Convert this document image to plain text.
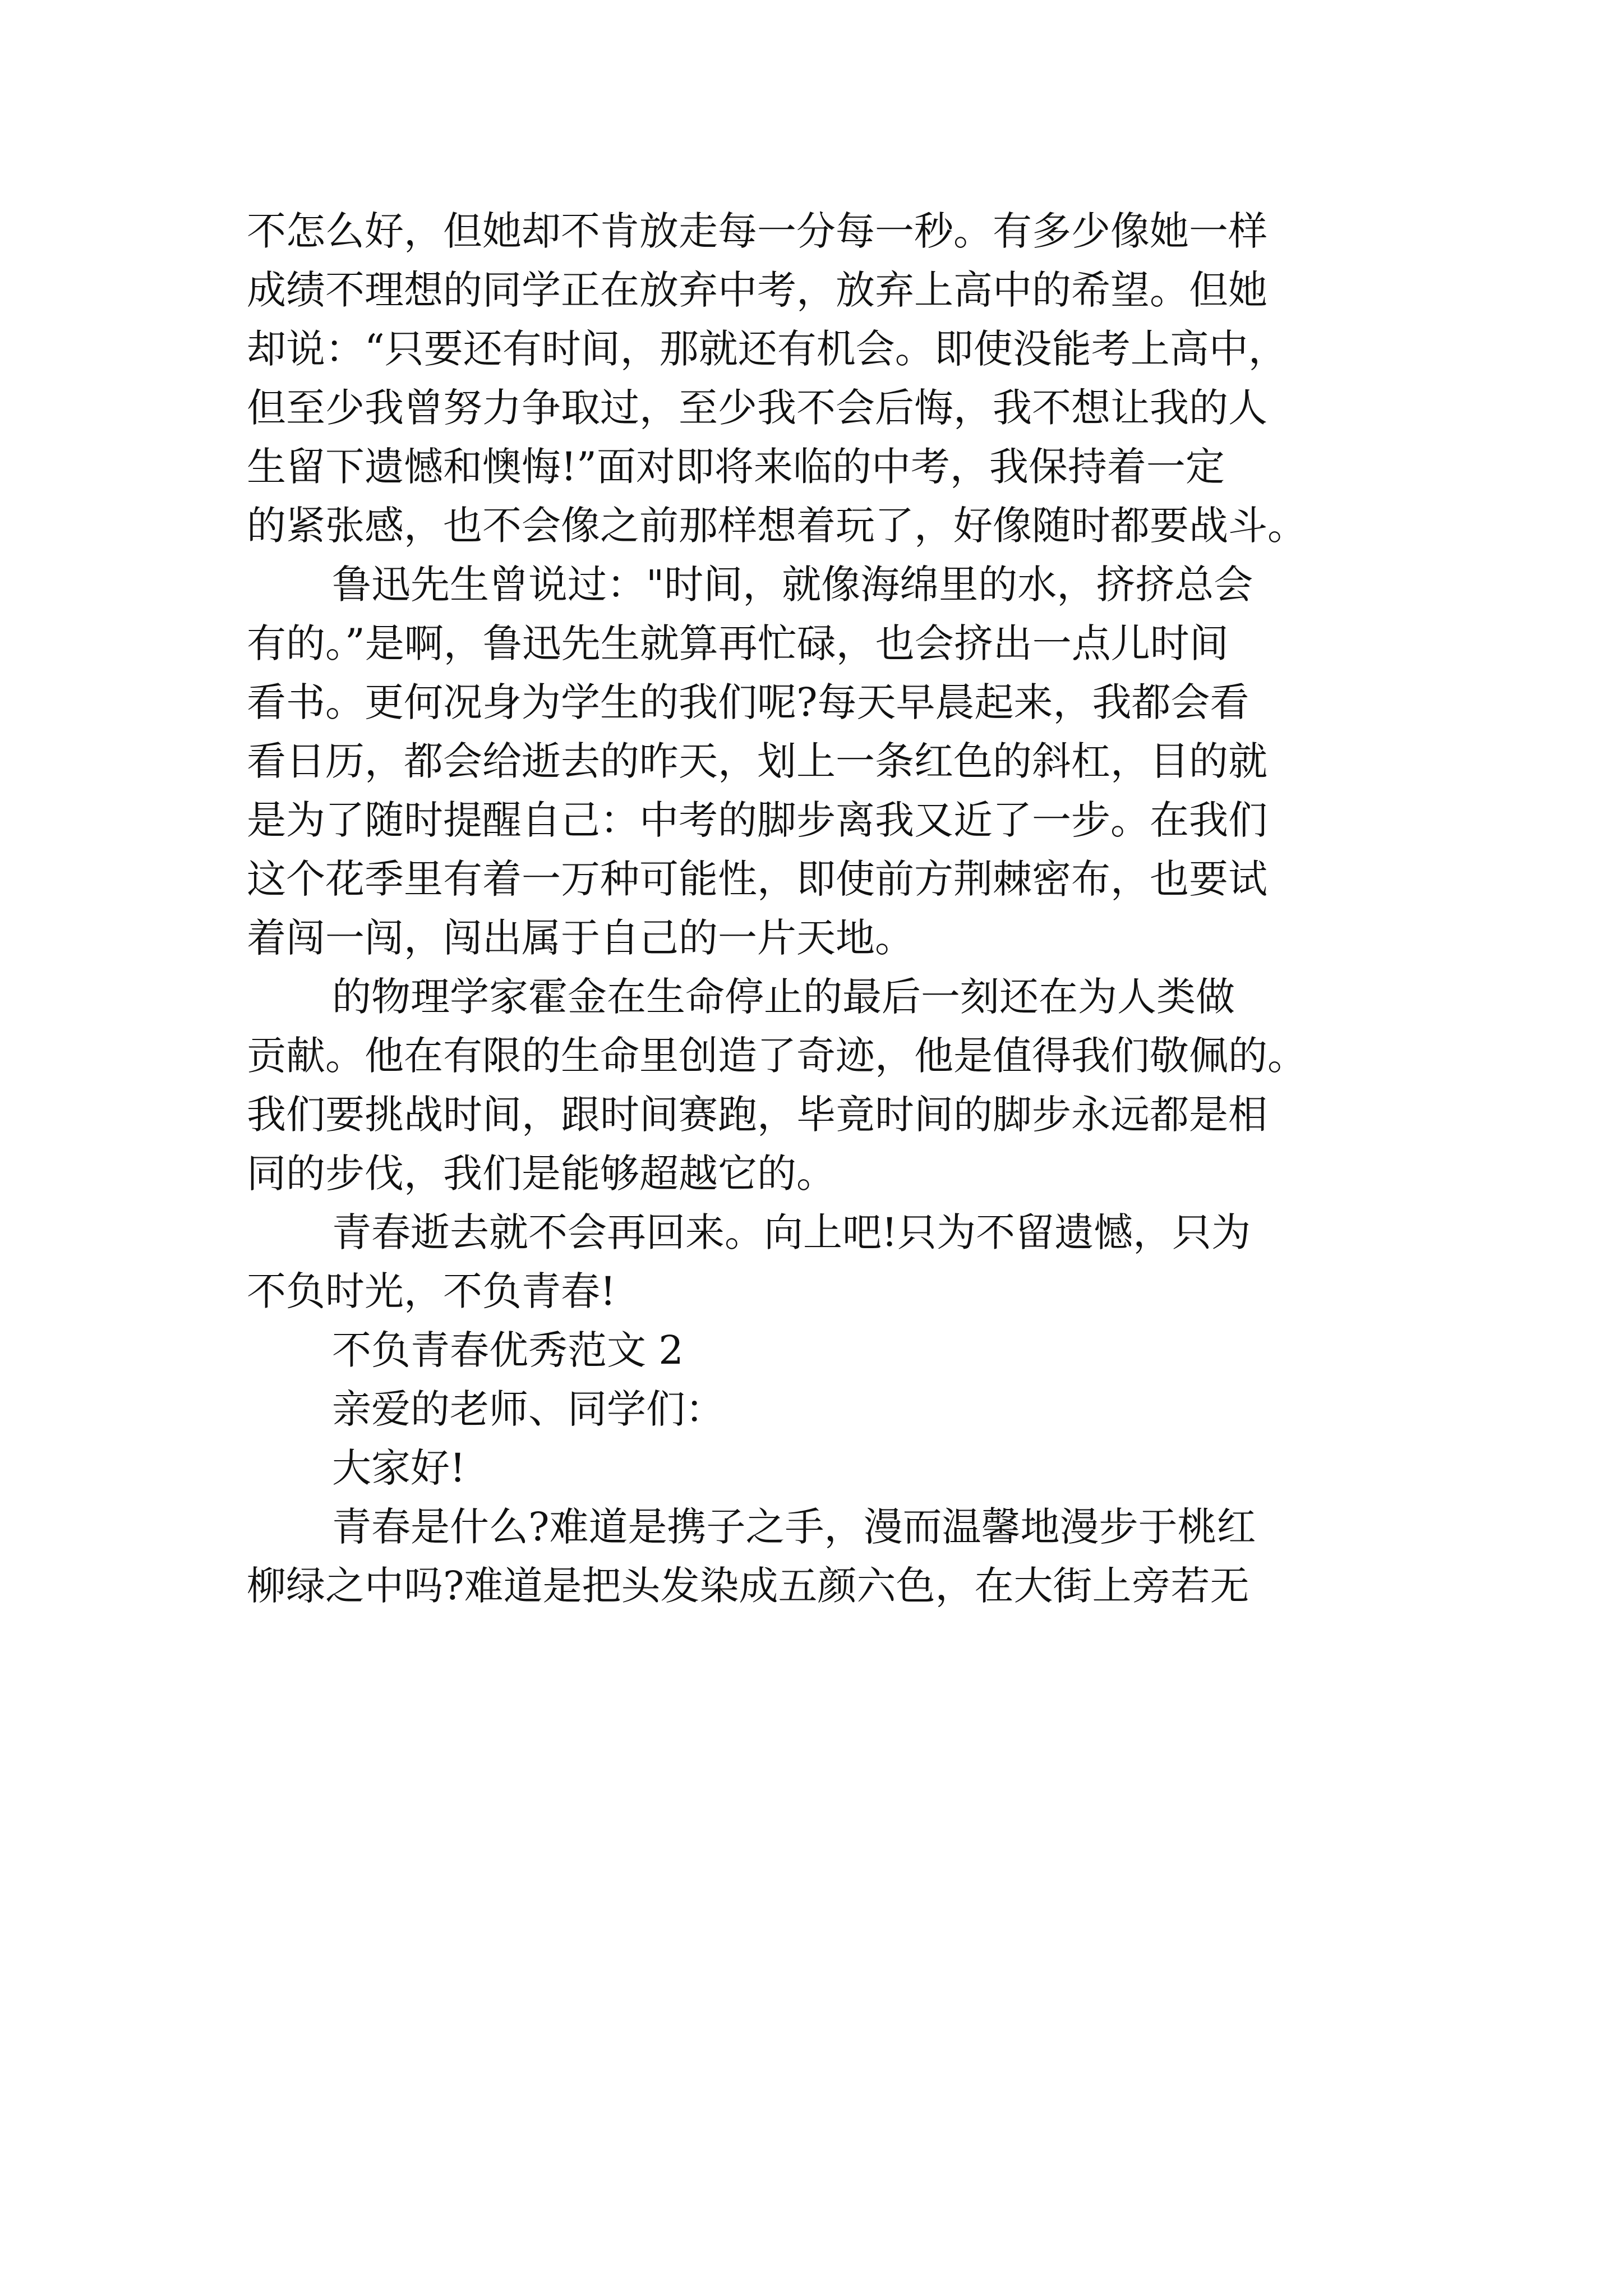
不怎么好，但她却不肯放走每一分每一秒。有多少像她一样
成绩不理想的同学正在放弃中考，放弃上高中的希望。但她
却说：“只要还有时间，那就还有机会。即使没能考上高中，
但至少我曾努力争取过，至少我不会后悔，我不想让我的人
生留下遗憾和懊悔!”面对即将来临的中考，我保持着一定
的紧张感，也不会像之前那样想着玩了，好像随时都要战斗。

鲁迅先生曾说过："时间，就像海绵里的水，挤挤总会
有的。”是啊，鲁迅先生就算再忙碌，也会挤出一点儿时间
看书。更何况身为学生的我们呢?每天早晨起来，我都会看
看日历，都会给逝去的昨天，划上一条红色的斜杠，目的就
是为了随时提醒自己：中考的脚步离我又近了一步。在我们
这个花季里有着一万种可能性，即使前方荆棘密布，也要试
着闯一闯，闯出属于自己的一片天地。

的物理学家霍金在生命停止的最后一刻还在为人类做
贡献。他在有限的生命里创造了奇迹，他是值得我们敬佩的。
我们要挑战时间，跟时间赛跑，毕竟时间的脚步永远都是相
同的步伐，我们是能够超越它的。

青春逝去就不会再回来。向上吧!只为不留遗憾，只为
不负时光，不负青春!

不负青春优秀范文 2

亲爱的老师、同学们：

大家好!

青春是什么?难道是携子之手，漫而温馨地漫步于桃红
柳绿之中吗?难道是把头发染成五颜六色，在大街上旁若无
